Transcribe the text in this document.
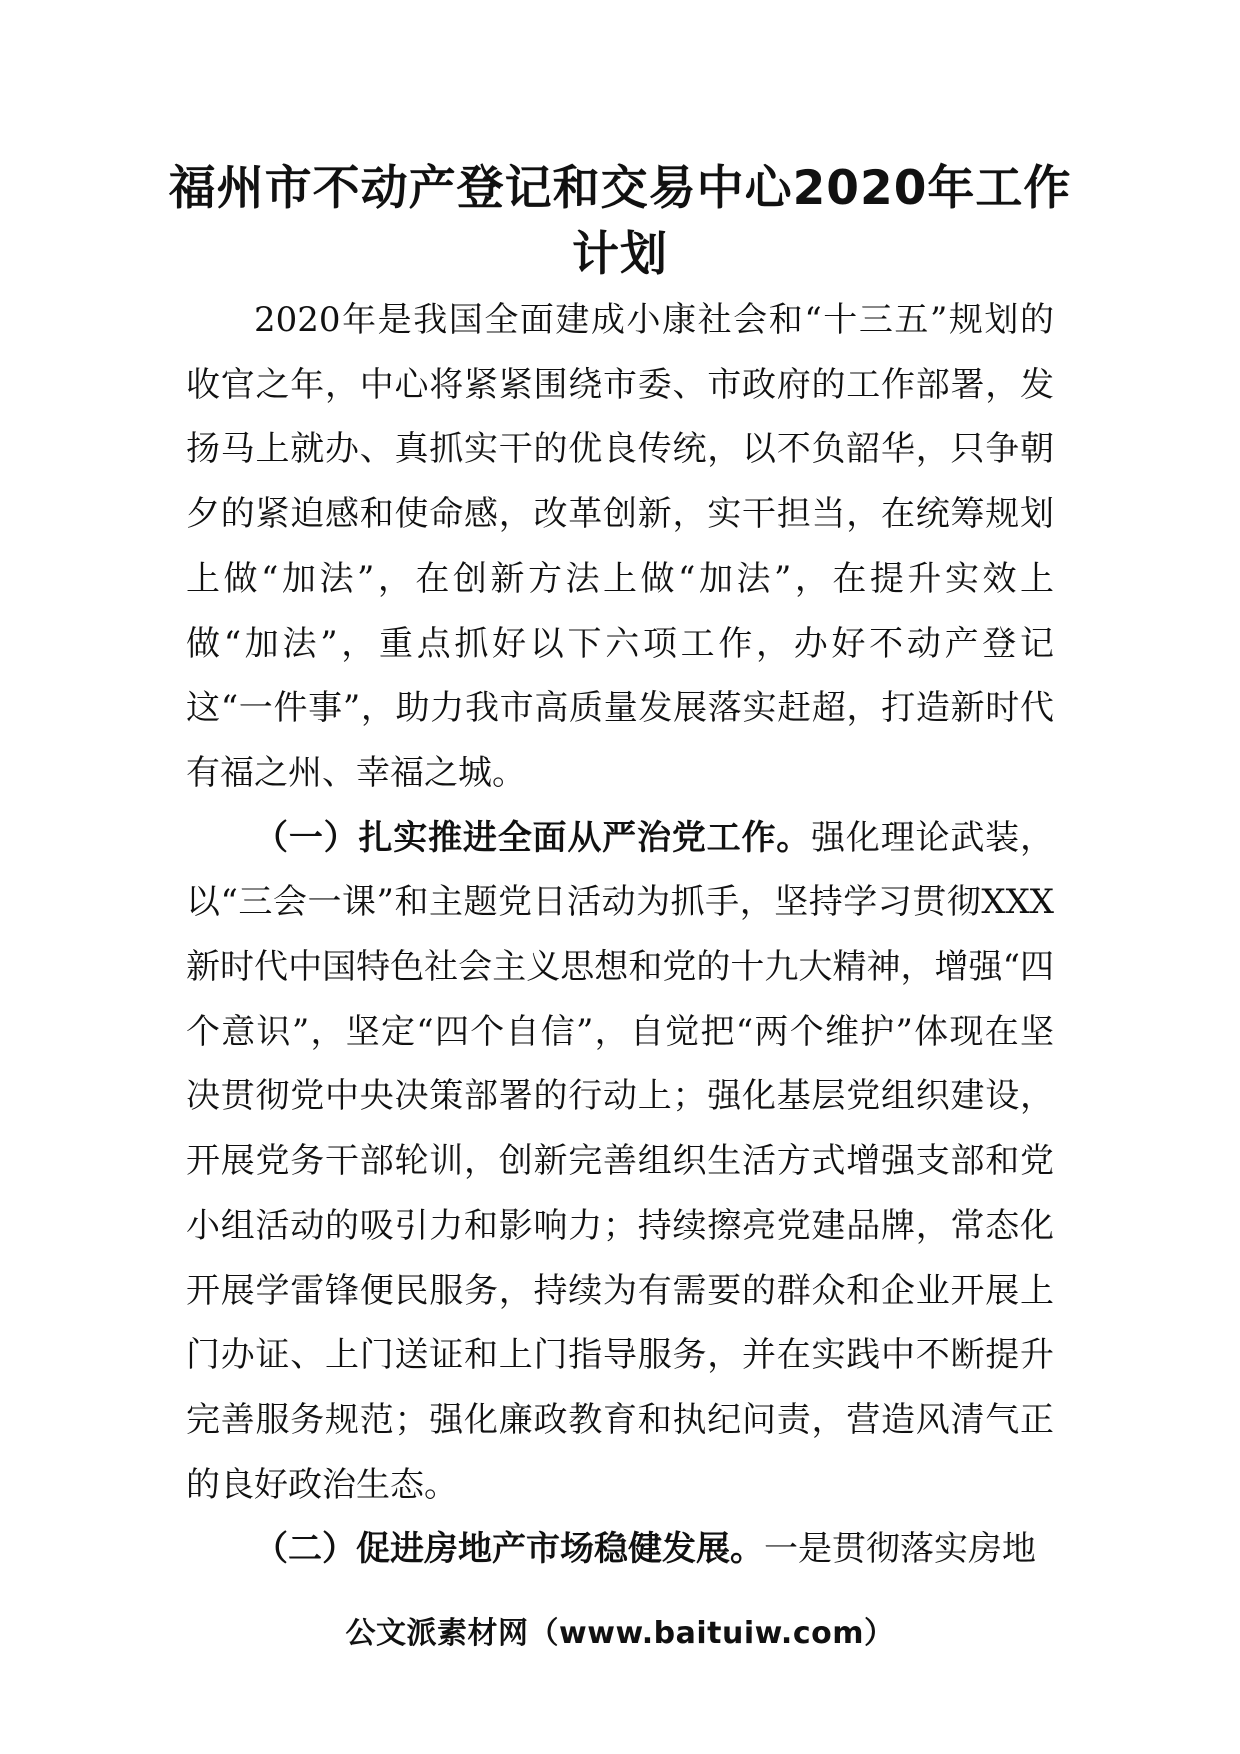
福州市不动产登记和交易中心2020年工作计划

2020年是我国全面建成小康社会和“十三五”规划的收官之年，中心将紧紧围绕市委、市政府的工作部署，发扬马上就办、真抓实干的优良传统，以不负韶华，只争朝夕的紧迫感和使命感，改革创新，实干担当，在统筹规划上做“加法”，在创新方法上做“加法”，在提升实效上做“加法”，重点抓好以下六项工作，办好不动产登记这“一件事”，助力我市高质量发展落实赶超，打造新时代有福之州、幸福之城。

（一）扎实推进全面从严治党工作。强化理论武装，以“三会一课”和主题党日活动为抓手，坚持学习贯彻XXX新时代中国特色社会主义思想和党的十九大精神，增强“四个意识”，坚定“四个自信”，自觉把“两个维护”体现在坚决贯彻党中央决策部署的行动上；强化基层党组织建设，开展党务干部轮训，创新完善组织生活方式增强支部和党小组活动的吸引力和影响力；持续擦亮党建品牌，常态化开展学雷锋便民服务，持续为有需要的群众和企业开展上门办证、上门送证和上门指导服务，并在实践中不断提升完善服务规范；强化廉政教育和执纪问责，营造风清气正的良好政治生态。

（二）促进房地产市场稳健发展。一是贯彻落实房地

公文派素材网（www.baituiw.com）
